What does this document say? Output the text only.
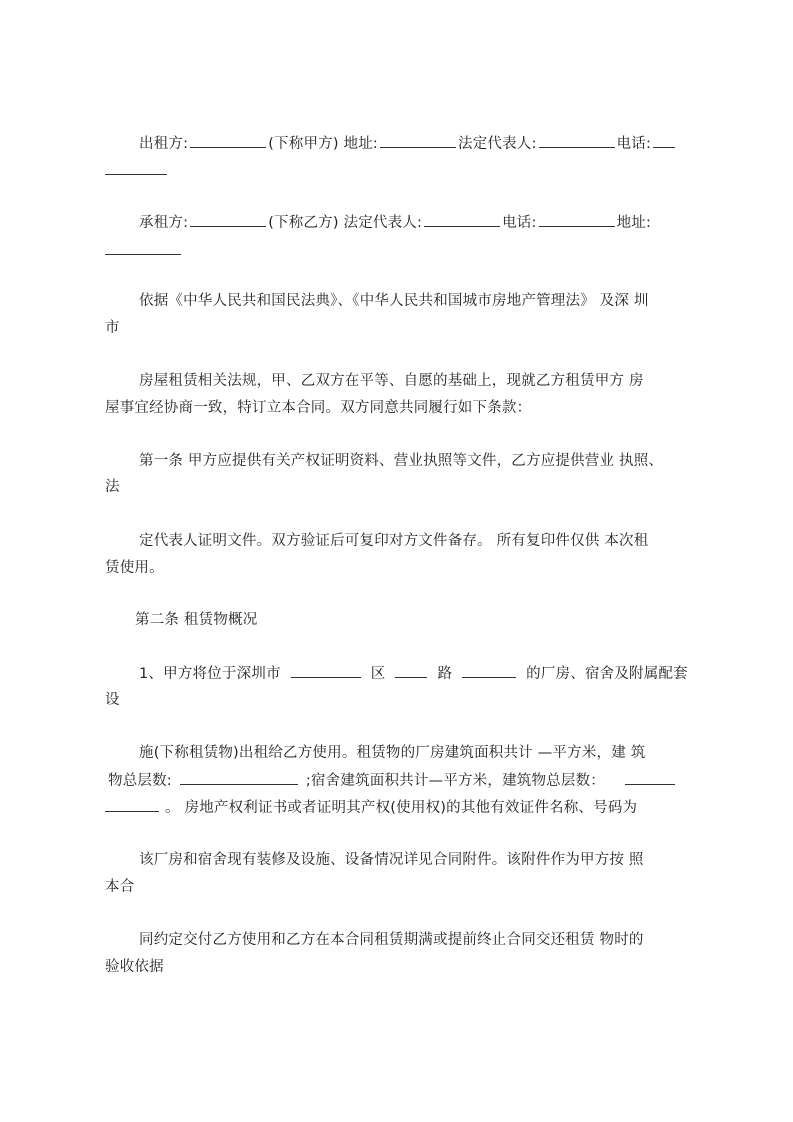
出租方:	(下称甲方) 地址:	法定代表人:	电话:
承租方:	(下称乙方) 法定代表人:	电话:	地址:
依据《中华人民共和国民法典》、《中华人民共和国城市房地产管理法》 及深 圳
市
房屋租赁相关法规，甲、乙双方在平等、自愿的基础上，现就乙方租赁甲方 房
屋事宜经协商一致，特订立本合同。双方同意共同履行如下条款：
第一条 甲方应提供有关产权证明资料、营业执照等文件，乙方应提供营业 执照、
法
定代表人证明文件。双方验证后可复印对方文件备存。 所有复印件仅供 本次租
赁使用。
第二条 租赁物概况
1、甲方将位于深圳市	区	路	的厂房、宿舍及附属配套
设
施(下称租赁物)出租给乙方使用。租赁物的厂房建筑面积共计 —平方米，建 筑
物总层数:	;宿舍建筑面积共计—平方米，建筑物总层数：
。 房地产权利证书或者证明其产权(使用权)的其他有效证件名称、号码为
该厂房和宿舍现有装修及设施、设备情况详见合同附件。该附件作为甲方按 照
本合
同约定交付乙方使用和乙方在本合同租赁期满或提前终止合同交还租赁 物时的
验收依据
